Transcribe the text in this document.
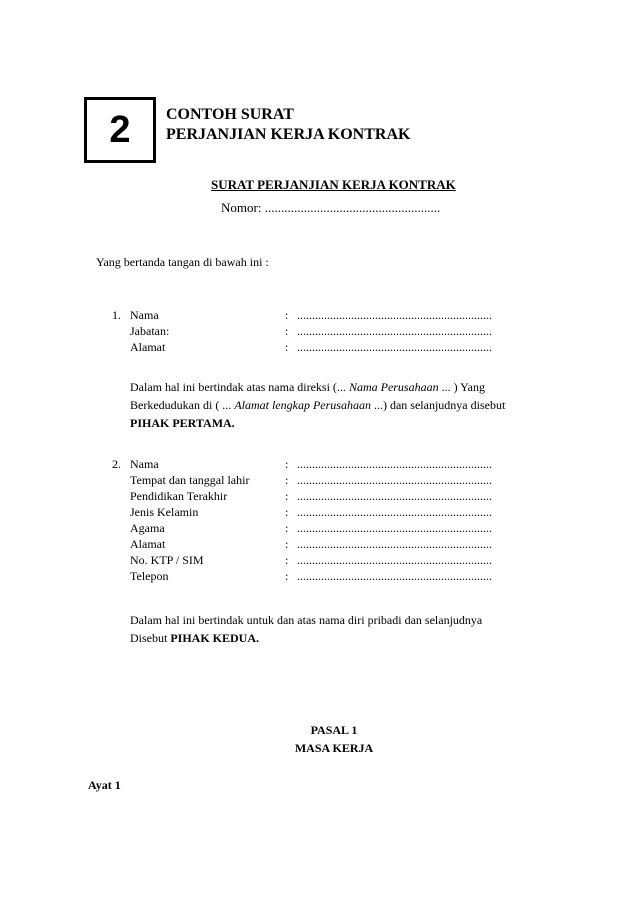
2 CONTOH SURAT
PERJANJIAN KERJA KONTRAK
SURAT PERJANJIAN KERJA KONTRAK
Nomor: ......................................................
Yang bertanda tangan di bawah ini :
1. Nama	: .................................................................
Jabatan:	: .................................................................
Alamat	: .................................................................
Dalam hal ini bertindak atas nama direksi (... Nama Perusahaan ... ) Yang
Berkedudukan di ( ... Alamat lengkap Perusahaan ...) dan selanjudnya disebut
PIHAK PERTAMA.
2. Nama	: .................................................................
Tempat dan tanggal lahir	: .................................................................
Pendidikan Terakhir	: .................................................................
Jenis Kelamin	: .................................................................
Agama	: .................................................................
Alamat	: .................................................................
No. KTP / SIM	: .................................................................
Telepon	: .................................................................
Dalam hal ini bertindak untuk dan atas nama diri pribadi dan selanjudnya
Disebut PIHAK KEDUA.
PASAL 1
MASA KERJA
Ayat 1
